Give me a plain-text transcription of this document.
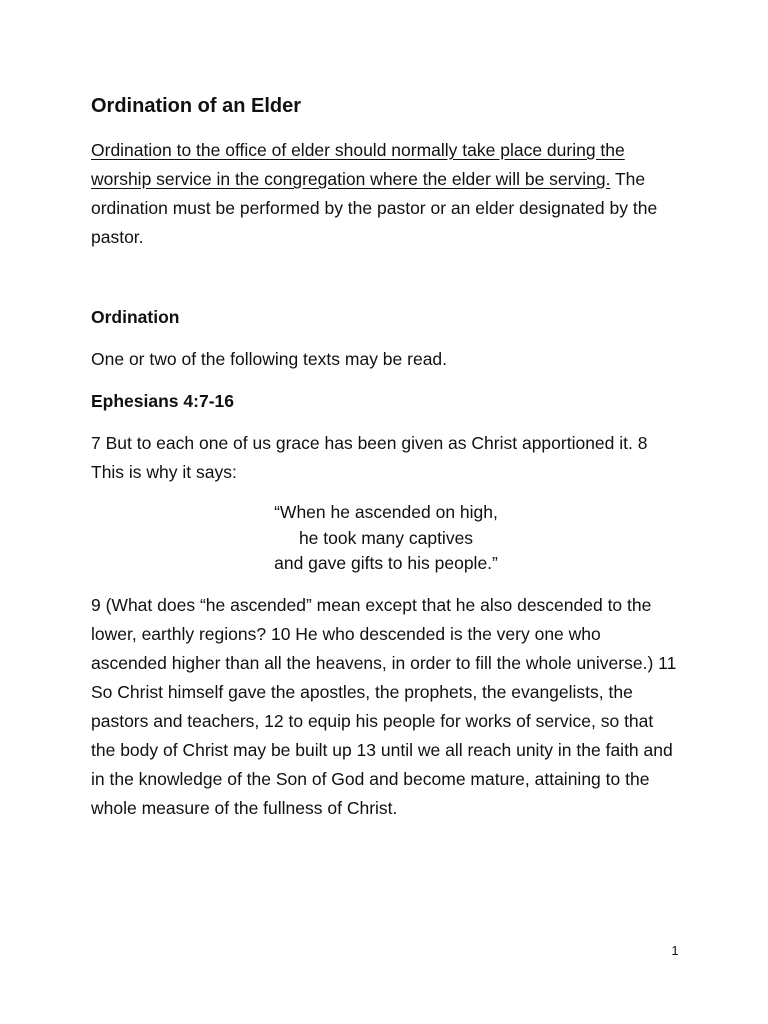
Ordination of an Elder

Ordination to the office of elder should normally take place during the worship service in the congregation where the elder will be serving. The ordination must be performed by the pastor or an elder designated by the pastor.

Ordination

One or two of the following texts may be read.

Ephesians 4:7-16

7 But to each one of us grace has been given as Christ apportioned it. 8 This is why it says:

“When he ascended on high,
he took many captives
and gave gifts to his people.”

9 (What does “he ascended” mean except that he also descended to the lower, earthly regions? 10 He who descended is the very one who ascended higher than all the heavens, in order to fill the whole universe.) 11 So Christ himself gave the apostles, the prophets, the evangelists, the pastors and teachers, 12 to equip his people for works of service, so that the body of Christ may be built up 13 until we all reach unity in the faith and in the knowledge of the Son of God and become mature, attaining to the whole measure of the fullness of Christ.

1
